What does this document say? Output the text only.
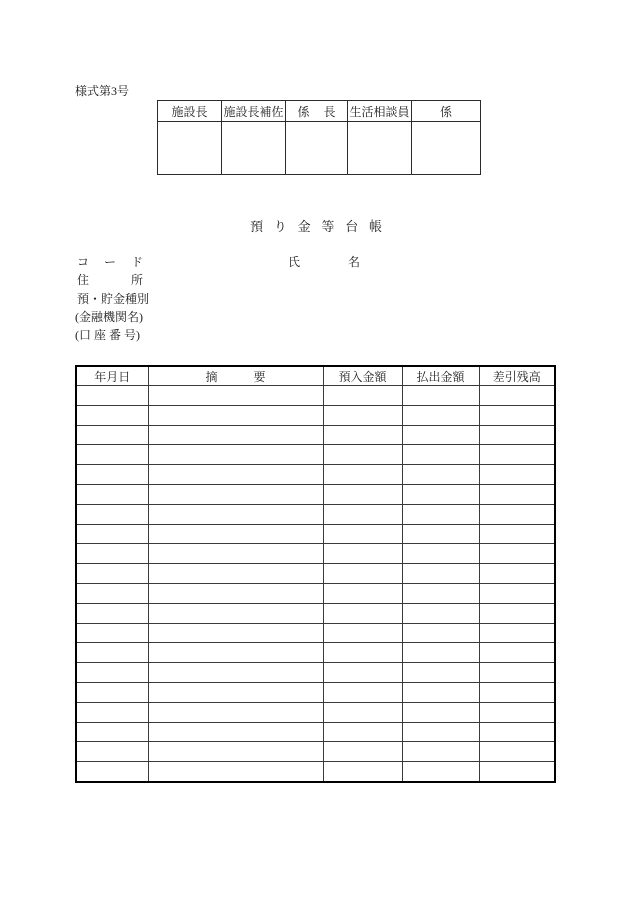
様式第3号
施設長	施設長補佐	係長	生活相談員	係

預り金等台帳
コード	氏名
住所
預・貯金種別
(金融機関名)
(口 座 番 号)
年月日	摘要	預入金額	払出金額	差引残高
